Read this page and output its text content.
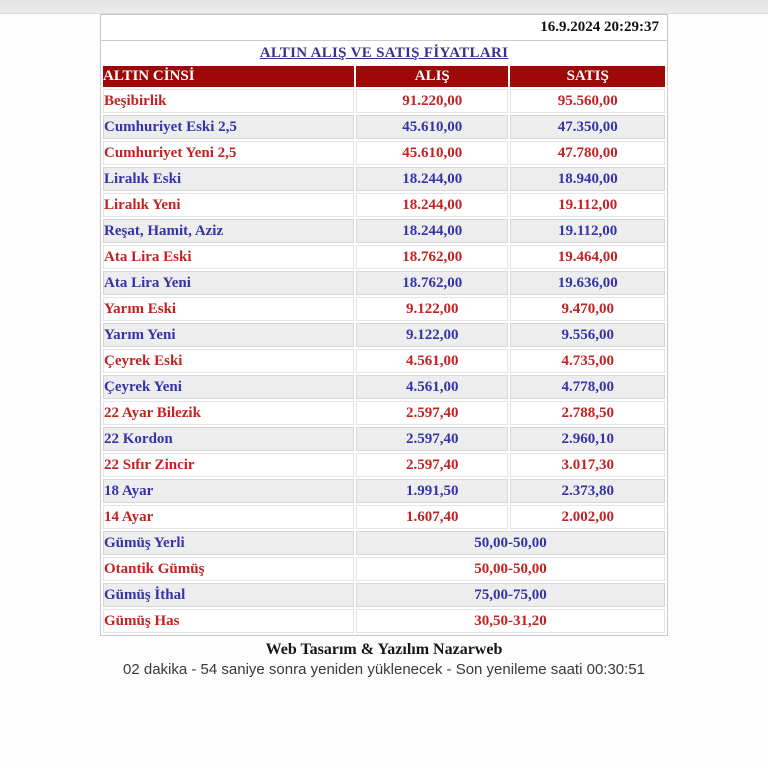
16.9.2024 20:29:37
ALTIN ALIŞ VE SATIŞ FİYATLARI
ALTIN CİNSİ	ALIŞ	SATIŞ
Beşibirlik	91.220,00	95.560,00
Cumhuriyet Eski 2,5	45.610,00	47.350,00
Cumhuriyet Yeni 2,5	45.610,00	47.780,00
Liralık Eski	18.244,00	18.940,00
Liralık Yeni	18.244,00	19.112,00
Reşat, Hamit, Aziz	18.244,00	19.112,00
Ata Lira Eski	18.762,00	19.464,00
Ata Lira Yeni	18.762,00	19.636,00
Yarım Eski	9.122,00	9.470,00
Yarım Yeni	9.122,00	9.556,00
Çeyrek Eski	4.561,00	4.735,00
Çeyrek Yeni	4.561,00	4.778,00
22 Ayar Bilezik	2.597,40	2.788,50
22 Kordon	2.597,40	2.960,10
22 Sıfır Zincir	2.597,40	3.017,30
18 Ayar	1.991,50	2.373,80
14 Ayar	1.607,40	2.002,00
Gümüş Yerli	50,00-50,00	
Otantik Gümüş	50,00-50,00	
Gümüş İthal	75,00-75,00	
Gümüş Has	30,50-31,20	
Web Tasarım & Yazılım Nazarweb
02 dakika - 54 saniye sonra yeniden yüklenecek - Son yenileme saati 00:30:51
